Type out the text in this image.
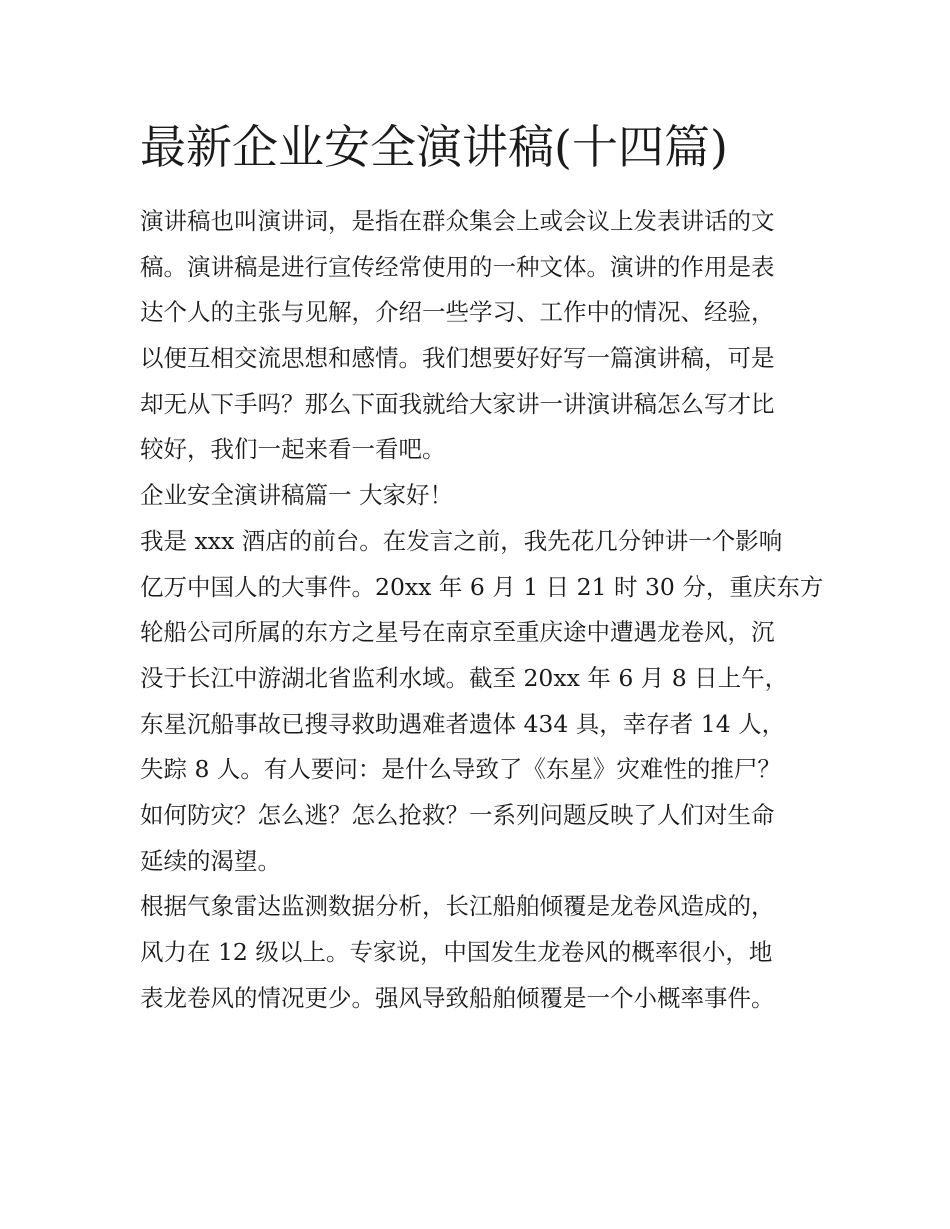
最新企业安全演讲稿(十四篇)

演讲稿也叫演讲词，是指在群众集会上或会议上发表讲话的文

稿。演讲稿是进行宣传经常使用的一种文体。演讲的作用是表

达个人的主张与见解，介绍一些学习、工作中的情况、经验，

以便互相交流思想和感情。我们想要好好写一篇演讲稿，可是

却无从下手吗？那么下面我就给大家讲一讲演讲稿怎么写才比

较好，我们一起来看一看吧。

企业安全演讲稿篇一 大家好！

我是 xxx 酒店的前台。在发言之前，我先花几分钟讲一个影响

亿万中国人的大事件。20xx 年 6 月 1 日 21 时 30 分，重庆东方

轮船公司所属的东方之星号在南京至重庆途中遭遇龙卷风，沉

没于长江中游湖北省监利水域。截至 20xx 年 6 月 8 日上午，

东星沉船事故已搜寻救助遇难者遗体 434 具，幸存者 14 人，

失踪 8 人。有人要问：是什么导致了《东星》灾难性的推尸？

如何防灾？怎么逃？怎么抢救？一系列问题反映了人们对生命

延续的渴望。

根据气象雷达监测数据分析，长江船舶倾覆是龙卷风造成的，

风力在 12 级以上。专家说，中国发生龙卷风的概率很小，地

表龙卷风的情况更少。强风导致船舶倾覆是一个小概率事件。
